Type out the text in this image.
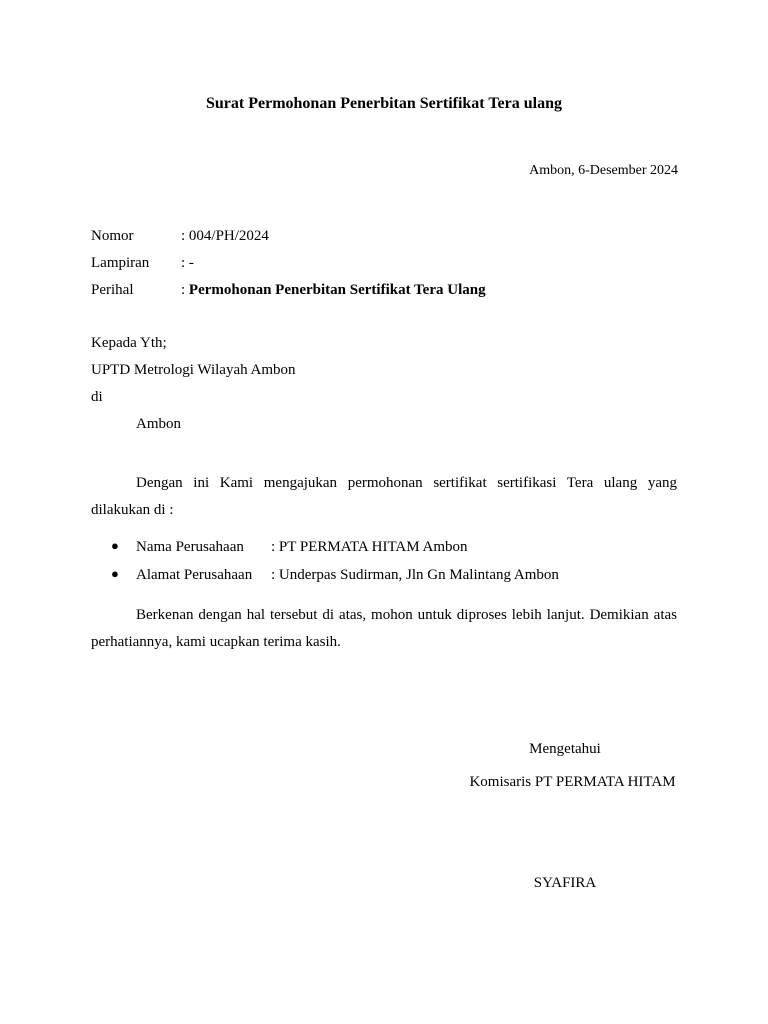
Surat Permohonan Penerbitan Sertifikat Tera ulang
Ambon, 6-Desember 2024
Nomor	: 004/PH/2024
Lampiran	: -
Perihal	: Permohonan Penerbitan Sertifikat Tera Ulang
Kepada Yth;
UPTD Metrologi Wilayah Ambon
di
Ambon
Dengan ini Kami mengajukan permohonan sertifikat sertifikasi Tera ulang yang dilakukan di :
●	Nama Perusahaan	: PT PERMATA HITAM Ambon
●	Alamat Perusahaan	: Underpas Sudirman, Jln Gn Malintang Ambon
Berkenan dengan hal tersebut di atas, mohon untuk diproses lebih lanjut. Demikian atas perhatiannya, kami ucapkan terima kasih.
Mengetahui
Komisaris PT PERMATA HITAM
SYAFIRA
